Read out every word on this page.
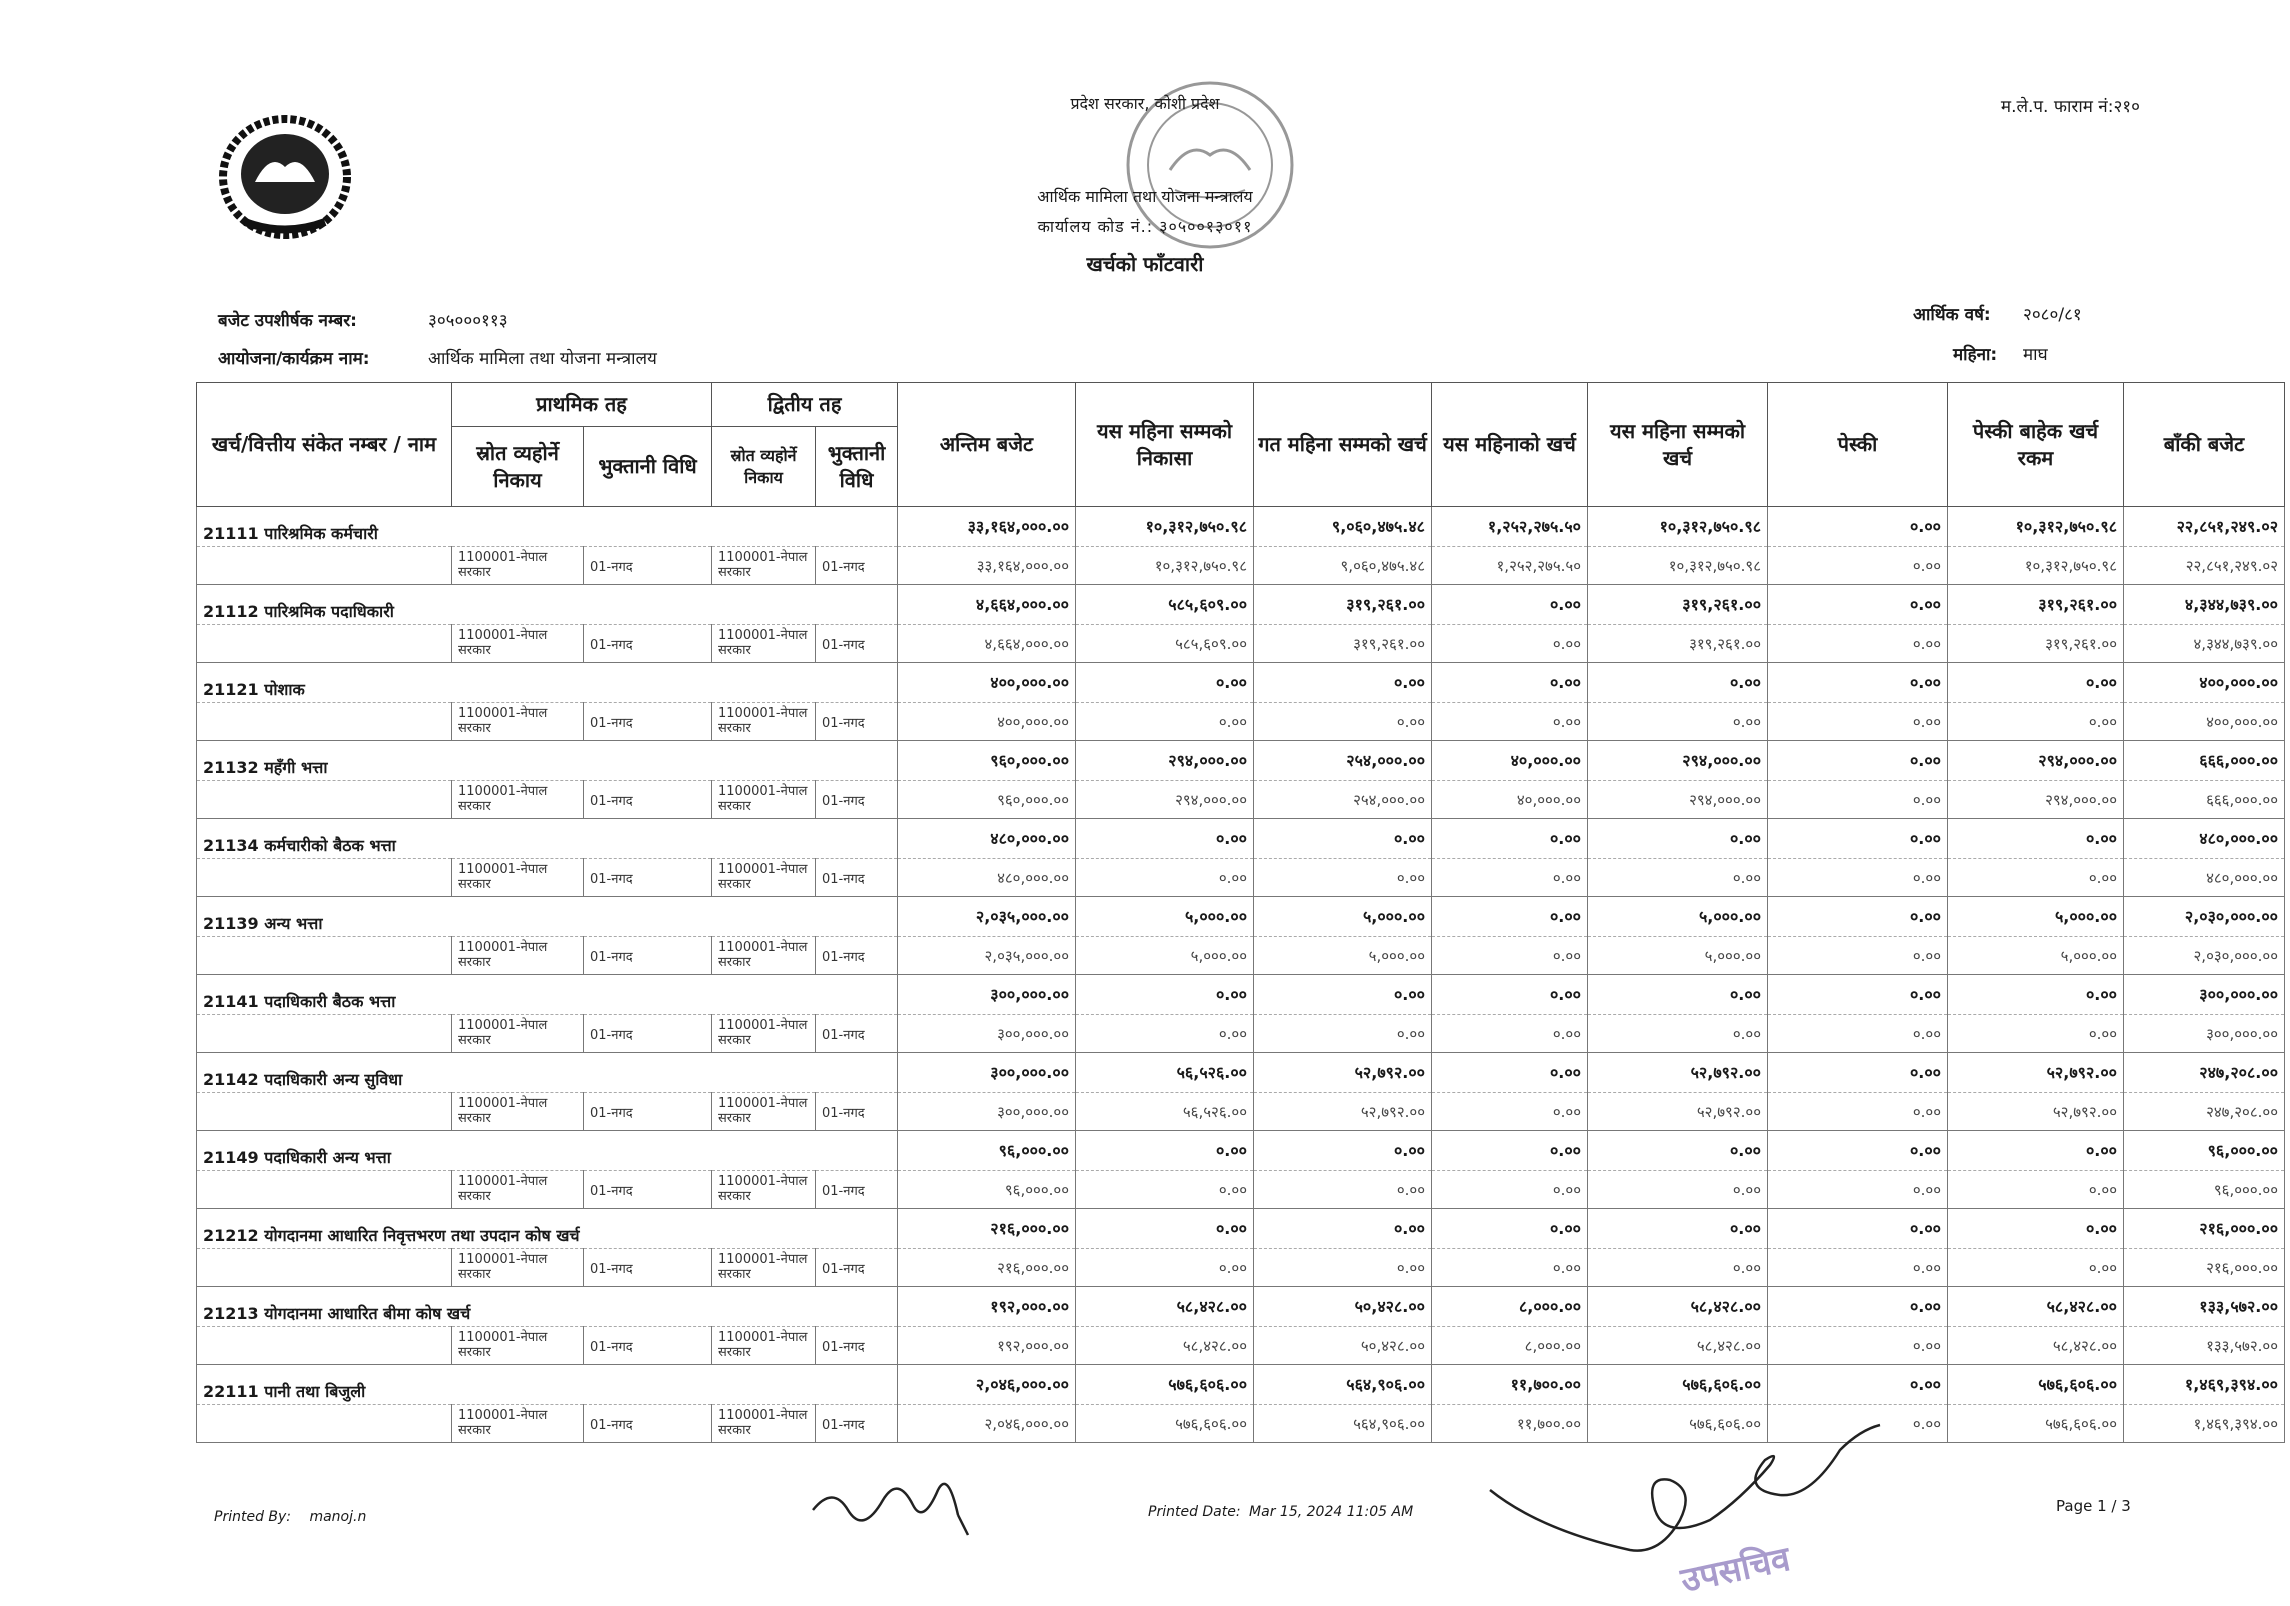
प्रदेश सरकार, कोशी प्रदेश
आर्थिक मामिला तथा योजना मन्त्रालय
कार्यालय कोड नं.: ३०५००१३०११
खर्चको फाँटवारी
म.ले.प. फाराम नं:२१०
बजेट उपशीर्षक नम्बर:	३०५०००११३
आयोजना/कार्यक्रम नाम:	आर्थिक मामिला तथा योजना मन्त्रालय
आर्थिक वर्ष: २०८०/८१
महिना: माघ
खर्च/वित्तीय संकेत नम्बर / नाम	प्राथमिक तह		द्वितीय तह		अन्तिम बजेट	यस महिना सम्मको निकासा	गत महिना सम्मको खर्च	यस महिनाको खर्च	यस महिना सम्मको खर्च	पेस्की	पेस्की बाहेक खर्च रकम	बाँकी बजेट
	स्रोत व्यहोर्ने निकाय	भुक्तानी विधि	स्रोत व्यहोर्ने निकाय	भुक्तानी विधि								
21111 पारिश्रमिक कर्मचारी					३३,१६४,०००.००	१०,३१२,७५०.९८	९,०६०,४७५.४८	१,२५२,२७५.५०	१०,३१२,७५०.९८	०.००	१०,३१२,७५०.९८	२२,८५१,२४९.०२
	1100001-नेपाल सरकार	01-नगद	1100001-नेपाल सरकार	01-नगद	३३,१६४,०००.००	१०,३१२,७५०.९८	९,०६०,४७५.४८	१,२५२,२७५.५०	१०,३१२,७५०.९८	०.००	१०,३१२,७५०.९८	२२,८५१,२४९.०२
21112 पारिश्रमिक पदाधिकारी					४,६६४,०००.००	५८५,६०९.००	३१९,२६१.००	०.००	३१९,२६१.००	०.००	३१९,२६१.००	४,३४४,७३९.००
	1100001-नेपाल सरकार	01-नगद	1100001-नेपाल सरकार	01-नगद	४,६६४,०००.००	५८५,६०९.००	३१९,२६१.००	०.००	३१९,२६१.००	०.००	३१९,२६१.००	४,३४४,७३९.००
21121 पोशाक					४००,०००.००	०.००	०.००	०.००	०.००	०.००	०.००	४००,०००.००
	1100001-नेपाल सरकार	01-नगद	1100001-नेपाल सरकार	01-नगद	४००,०००.००	०.००	०.००	०.००	०.००	०.००	०.००	४००,०००.००
21132 महँगी भत्ता					९६०,०००.००	२९४,०००.००	२५४,०००.००	४०,०००.००	२९४,०००.००	०.००	२९४,०००.००	६६६,०००.००
	1100001-नेपाल सरकार	01-नगद	1100001-नेपाल सरकार	01-नगद	९६०,०००.००	२९४,०००.००	२५४,०००.००	४०,०००.००	२९४,०००.००	०.००	२९४,०००.००	६६६,०००.००
21134 कर्मचारीको बैठक भत्ता					४८०,०००.००	०.००	०.००	०.००	०.००	०.००	०.००	४८०,०००.००
	1100001-नेपाल सरकार	01-नगद	1100001-नेपाल सरकार	01-नगद	४८०,०००.००	०.००	०.००	०.००	०.००	०.००	०.००	४८०,०००.००
21139 अन्य भत्ता					२,०३५,०००.००	५,०००.००	५,०००.००	०.००	५,०००.००	०.००	५,०००.००	२,०३०,०००.००
	1100001-नेपाल सरकार	01-नगद	1100001-नेपाल सरकार	01-नगद	२,०३५,०००.००	५,०००.००	५,०००.००	०.००	५,०००.००	०.००	५,०००.००	२,०३०,०००.००
21141 पदाधिकारी बैठक भत्ता					३००,०००.००	०.००	०.००	०.००	०.००	०.००	०.००	३००,०००.००
	1100001-नेपाल सरकार	01-नगद	1100001-नेपाल सरकार	01-नगद	३००,०००.००	०.००	०.००	०.००	०.००	०.००	०.००	३००,०००.००
21142 पदाधिकारी अन्य सुविधा					३००,०००.००	५६,५२६.००	५२,७९२.००	०.००	५२,७९२.००	०.००	५२,७९२.००	२४७,२०८.००
	1100001-नेपाल सरकार	01-नगद	1100001-नेपाल सरकार	01-नगद	३००,०००.००	५६,५२६.००	५२,७९२.००	०.००	५२,७९२.००	०.००	५२,७९२.००	२४७,२०८.००
21149 पदाधिकारी अन्य भत्ता					९६,०००.००	०.००	०.००	०.००	०.००	०.००	०.००	९६,०००.००
	1100001-नेपाल सरकार	01-नगद	1100001-नेपाल सरकार	01-नगद	९६,०००.००	०.००	०.००	०.००	०.००	०.००	०.००	९६,०००.००
21212 योगदानमा आधारित निवृत्तभरण तथा उपदान कोष खर्च					२१६,०००.००	०.००	०.००	०.००	०.००	०.००	०.००	२१६,०००.००
	1100001-नेपाल सरकार	01-नगद	1100001-नेपाल सरकार	01-नगद	२१६,०००.००	०.००	०.००	०.००	०.००	०.००	०.००	२१६,०००.००
21213 योगदानमा आधारित बीमा कोष खर्च					१९२,०००.००	५८,४२८.००	५०,४२८.००	८,०००.००	५८,४२८.००	०.००	५८,४२८.००	१३३,५७२.००
	1100001-नेपाल सरकार	01-नगद	1100001-नेपाल सरकार	01-नगद	१९२,०००.००	५८,४२८.००	५०,४२८.००	८,०००.००	५८,४२८.००	०.००	५८,४२८.००	१३३,५७२.००
22111 पानी तथा बिजुली					२,०४६,०००.००	५७६,६०६.००	५६४,९०६.००	११,७००.००	५७६,६०६.००	०.००	५७६,६०६.००	१,४६९,३९४.००
	1100001-नेपाल सरकार	01-नगद	1100001-नेपाल सरकार	01-नगद	२,०४६,०००.००	५७६,६०६.००	५६४,९०६.००	११,७००.००	५७६,६०६.००	०.००	५७६,६०६.००	१,४६९,३९४.००
Printed By: manoj.n	Printed Date: Mar 15, 2024 11:05 AM	Page 1 / 3
उपसचिव
